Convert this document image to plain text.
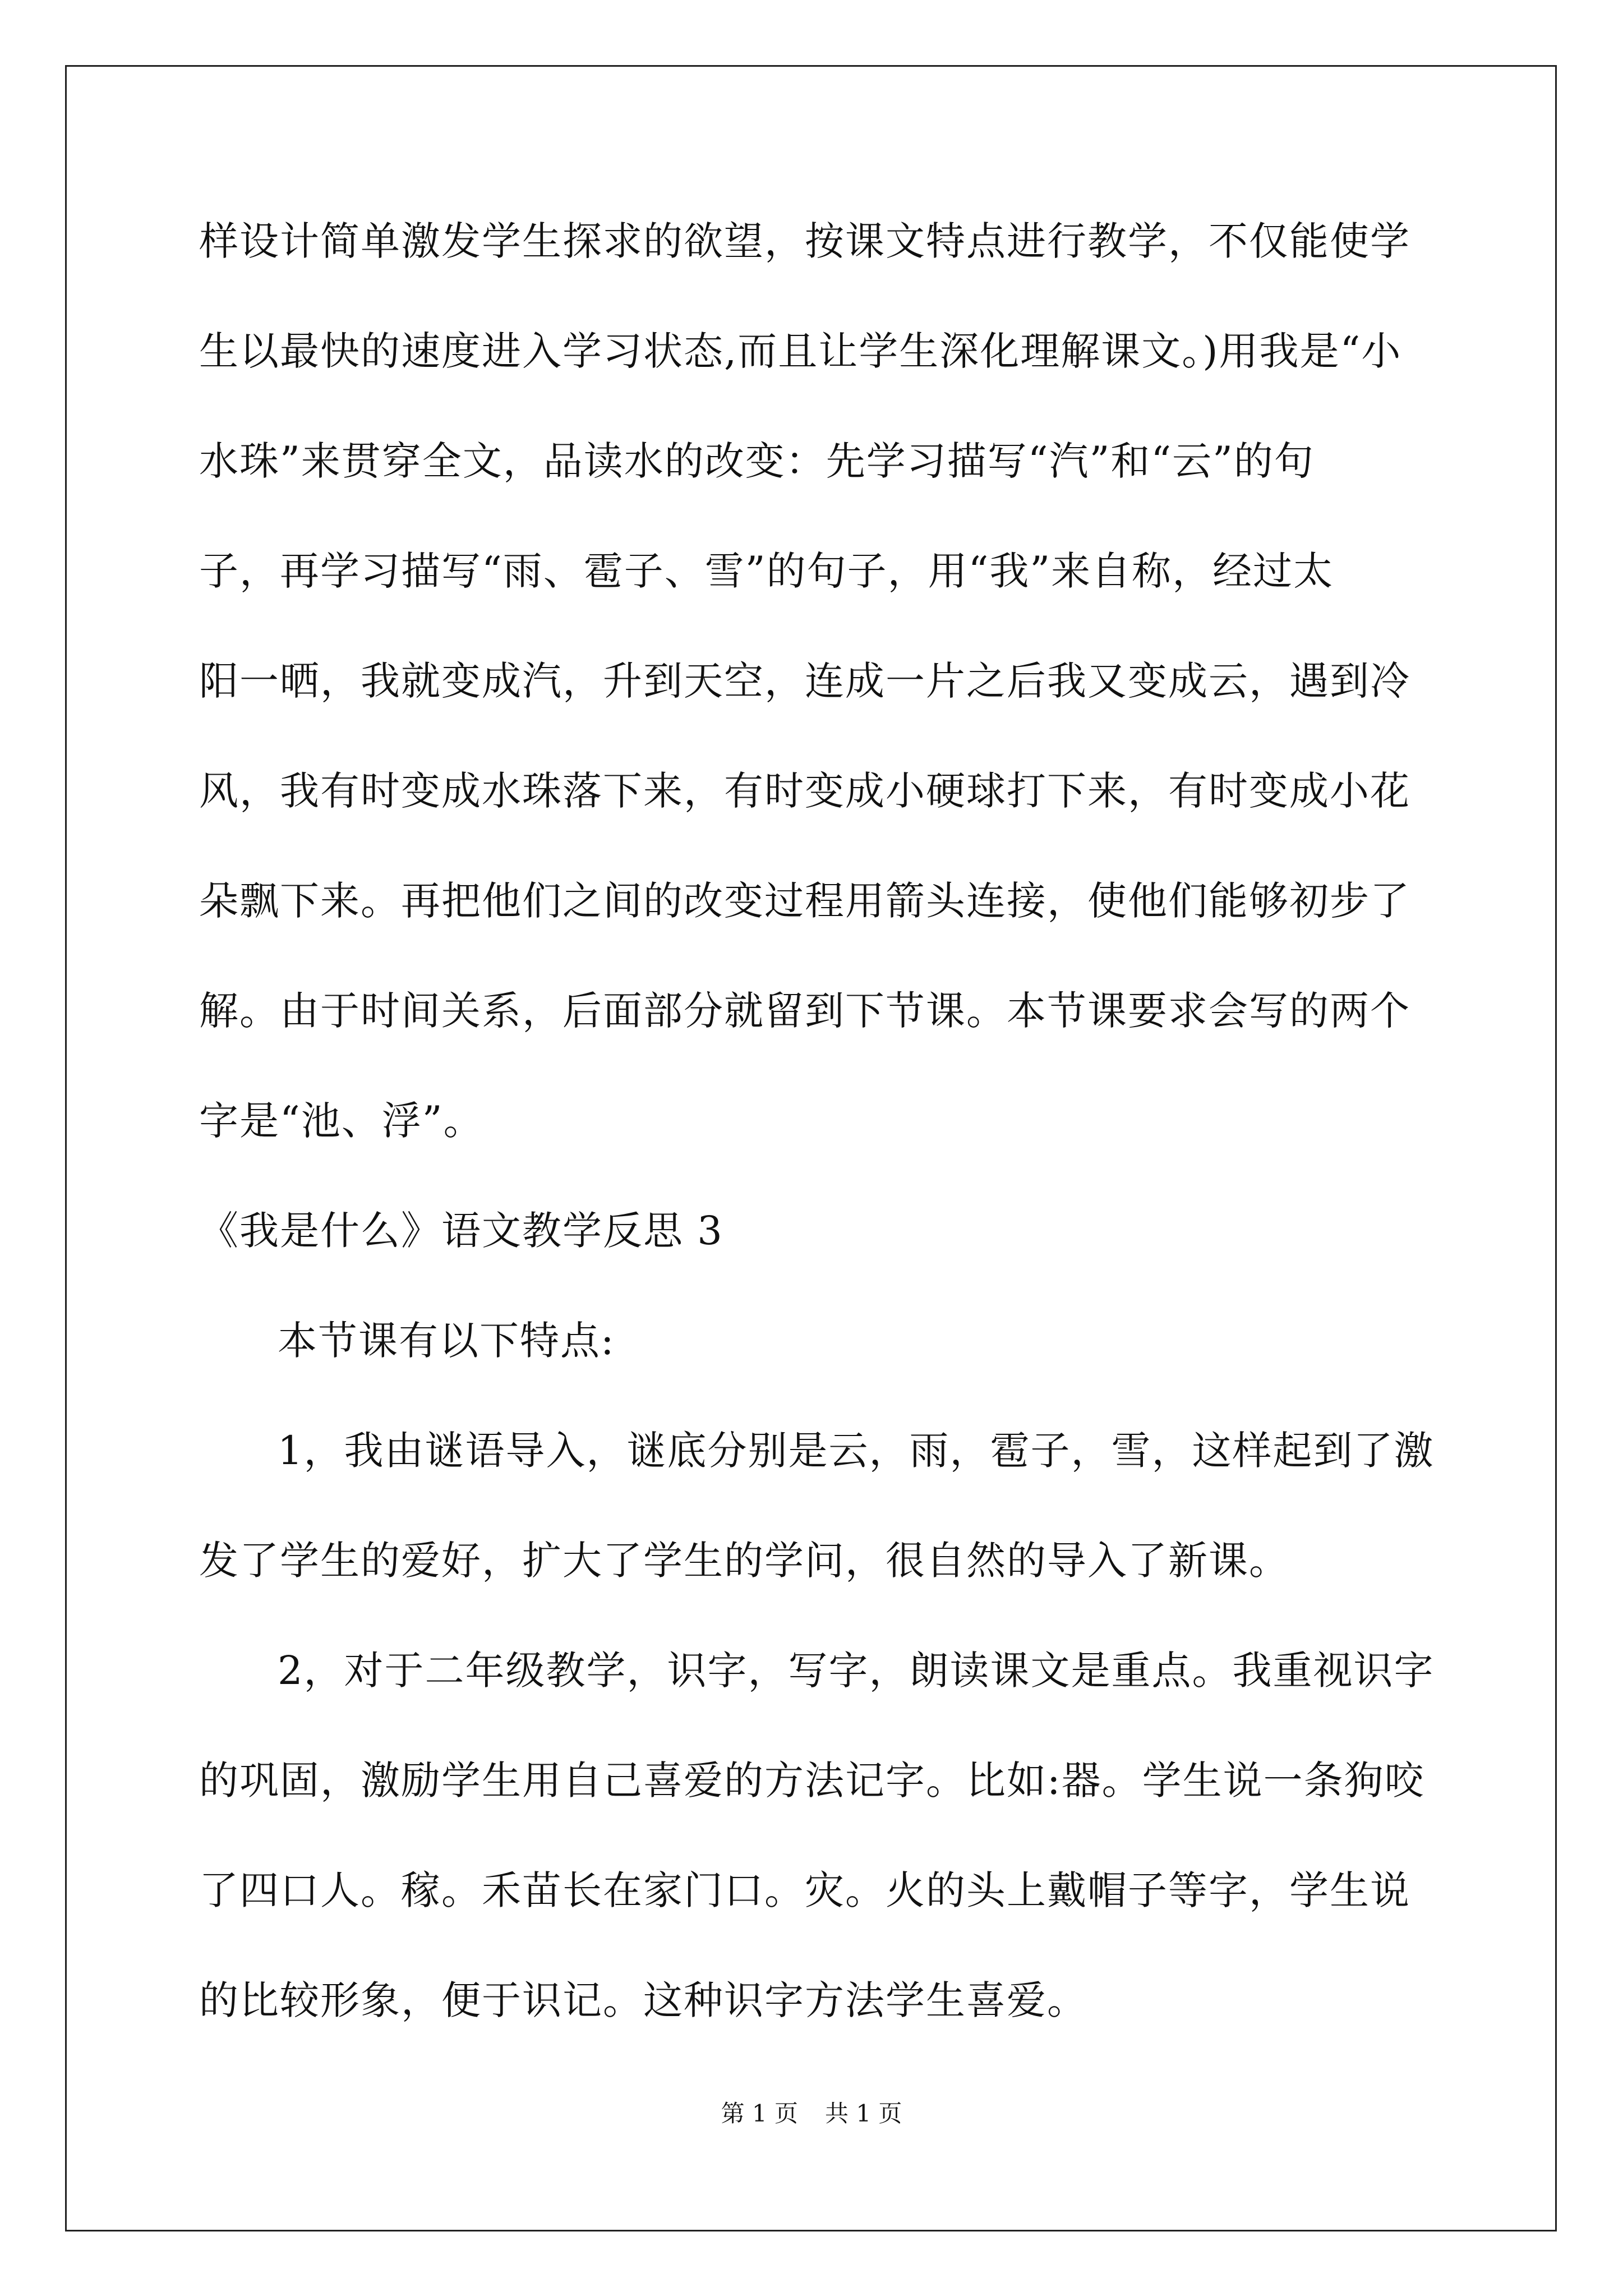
样设计简单激发学生探求的欲望，按课文特点进行教学，不仅能使学
生以最快的速度进入学习状态,而且让学生深化理解课文。)用我是“小
水珠”来贯穿全文，品读水的改变：先学习描写“汽”和“云”的句
子，再学习描写“雨、雹子、雪”的句子，用“我”来自称，经过太
阳一晒，我就变成汽，升到天空，连成一片之后我又变成云，遇到冷
风，我有时变成水珠落下来，有时变成小硬球打下来，有时变成小花
朵飘下来。再把他们之间的改变过程用箭头连接，使他们能够初步了
解。由于时间关系，后面部分就留到下节课。本节课要求会写的两个
字是“池、浮”。
《我是什么》语文教学反思 3
本节课有以下特点:
1，我由谜语导入，谜底分别是云，雨，雹子，雪，这样起到了激
发了学生的爱好，扩大了学生的学问，很自然的导入了新课。
2，对于二年级教学，识字，写字，朗读课文是重点。我重视识字
的巩固，激励学生用自己喜爱的方法记字。比如:器。学生说一条狗咬
了四口人。稼。禾苗长在家门口。灾。火的头上戴帽子等字，学生说
的比较形象，便于识记。这种识字方法学生喜爱。
第 1 页 共 1 页
